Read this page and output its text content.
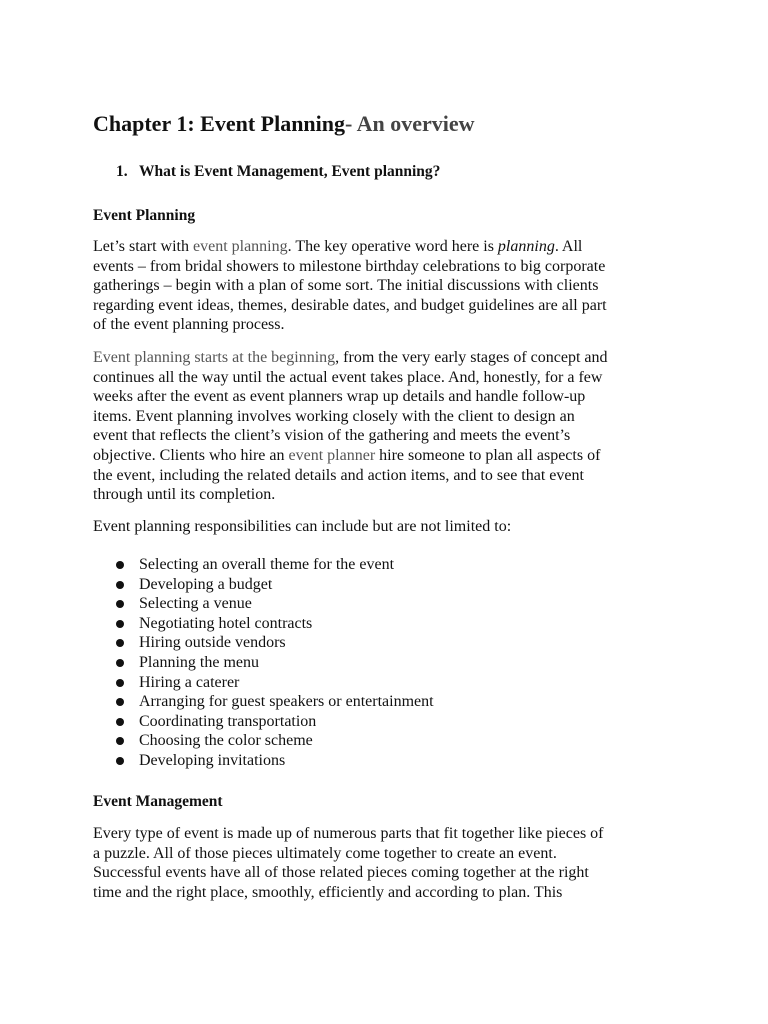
Chapter 1: Event Planning- An overview
1. What is Event Management, Event planning?
Event Planning

Let’s start with event planning. The key operative word here is planning. All
events – from bridal showers to milestone birthday celebrations to big corporate
gatherings – begin with a plan of some sort. The initial discussions with clients
regarding event ideas, themes, desirable dates, and budget guidelines are all part
of the event planning process.

Event planning starts at the beginning, from the very early stages of concept and
continues all the way until the actual event takes place. And, honestly, for a few
weeks after the event as event planners wrap up details and handle follow-up
items. Event planning involves working closely with the client to design an
event that reflects the client’s vision of the gathering and meets the event’s
objective. Clients who hire an event planner hire someone to plan all aspects of
the event, including the related details and action items, and to see that event
through until its completion.

Event planning responsibilities can include but are not limited to:

Selecting an overall theme for the event
Developing a budget
Selecting a venue
Negotiating hotel contracts
Hiring outside vendors
Planning the menu
Hiring a caterer
Arranging for guest speakers or entertainment
Coordinating transportation
Choosing the color scheme
Developing invitations
Event Management

Every type of event is made up of numerous parts that fit together like pieces of
a puzzle. All of those pieces ultimately come together to create an event.
Successful events have all of those related pieces coming together at the right
time and the right place, smoothly, efficiently and according to plan. This
